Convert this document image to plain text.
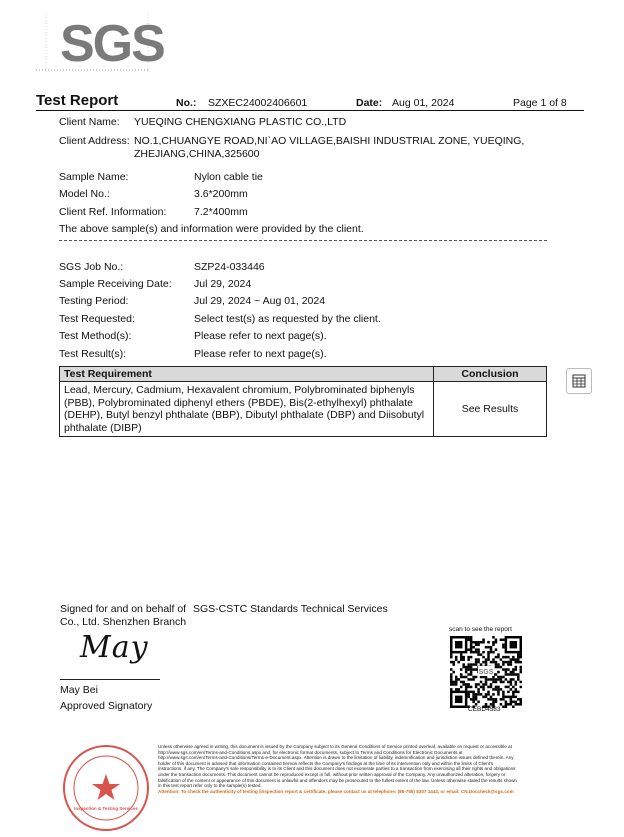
SGS
Test Report	No.: SZXEC24002406601	Date: Aug 01, 2024	Page 1 of 8
Client Name: YUEQING CHENGXIANG PLASTIC CO.,LTD
Client Address: NO.1,CHUANGYE ROAD,NI`AO VILLAGE,BAISHI INDUSTRIAL ZONE, YUEQING,
ZHEJIANG,CHINA,325600
Sample Name:	Nylon cable tie
Model No.:	3.6*200mm
Client Ref. Information:	7.2*400mm
The above sample(s) and information were provided by the client.
SGS Job No.:	SZP24-033446
Sample Receiving Date: Jul 29, 2024
Testing Period:	Jul 29, 2024 ~ Aug 01, 2024
Test Requested:	Select test(s) as requested by the client.
Test Method(s):	Please refer to next page(s).
Test Result(s):	Please refer to next page(s).
Test Requirement	Conclusion

Lead, Mercury, Cadmium, Hexavalent chromium, Polybrominated biphenyls
(PBB), Polybrominated diphenyl ethers (PBDE), Bis(2-ethylhexyl) phthalate
(DEHP), Butyl benzyl phthalate (BBP), Dibutyl phthalate (DBP) and Diisobutyl
phthalate (DIBP)	See Results
Signed for and on behalf of SGS-CSTC Standards Technical Services
Co., Ltd. Shenzhen Branch
May
May Bei
Approved Signatory
scan to see the report
SGS
CEBD4583
Inspection & Testing Services

Unless otherwise agreed in writing, this document is issued by the Company subject to its General Conditions of Service printed overleaf, available on request or accessible at http://www.sgs.com/en/Terms-and-Conditions.aspx and, for electronic format documents, subject to Terms and Conditions for Electronic Documents at http://www.sgs.com/en/Terms-and-Conditions/Terms-e-Document.aspx. Attention is drawn to the limitation of liability, indemnification and jurisdiction issues defined therein. Any holder of this document is advised that information contained hereon reflects the Company's findings at the time of its intervention only and within the limits of Client's instructions, if any. The Company's sole responsibility is to its Client and this document does not exonerate parties to a transaction from exercising all their rights and obligations under the transaction documents. This document cannot be reproduced except in full, without prior written approval of the Company. Any unauthorized alteration, forgery or falsification of the content or appearance of this document is unlawful and offenders may be prosecuted to the fullest extent of the law. Unless otherwise stated the results shown in this test report refer only to the sample(s) tested.

Attention: To check the authenticity of testing /inspection report & certificate, please contact us at telephone: (86-755) 8307 1443, or email: CN.Doccheck@sgs.com
